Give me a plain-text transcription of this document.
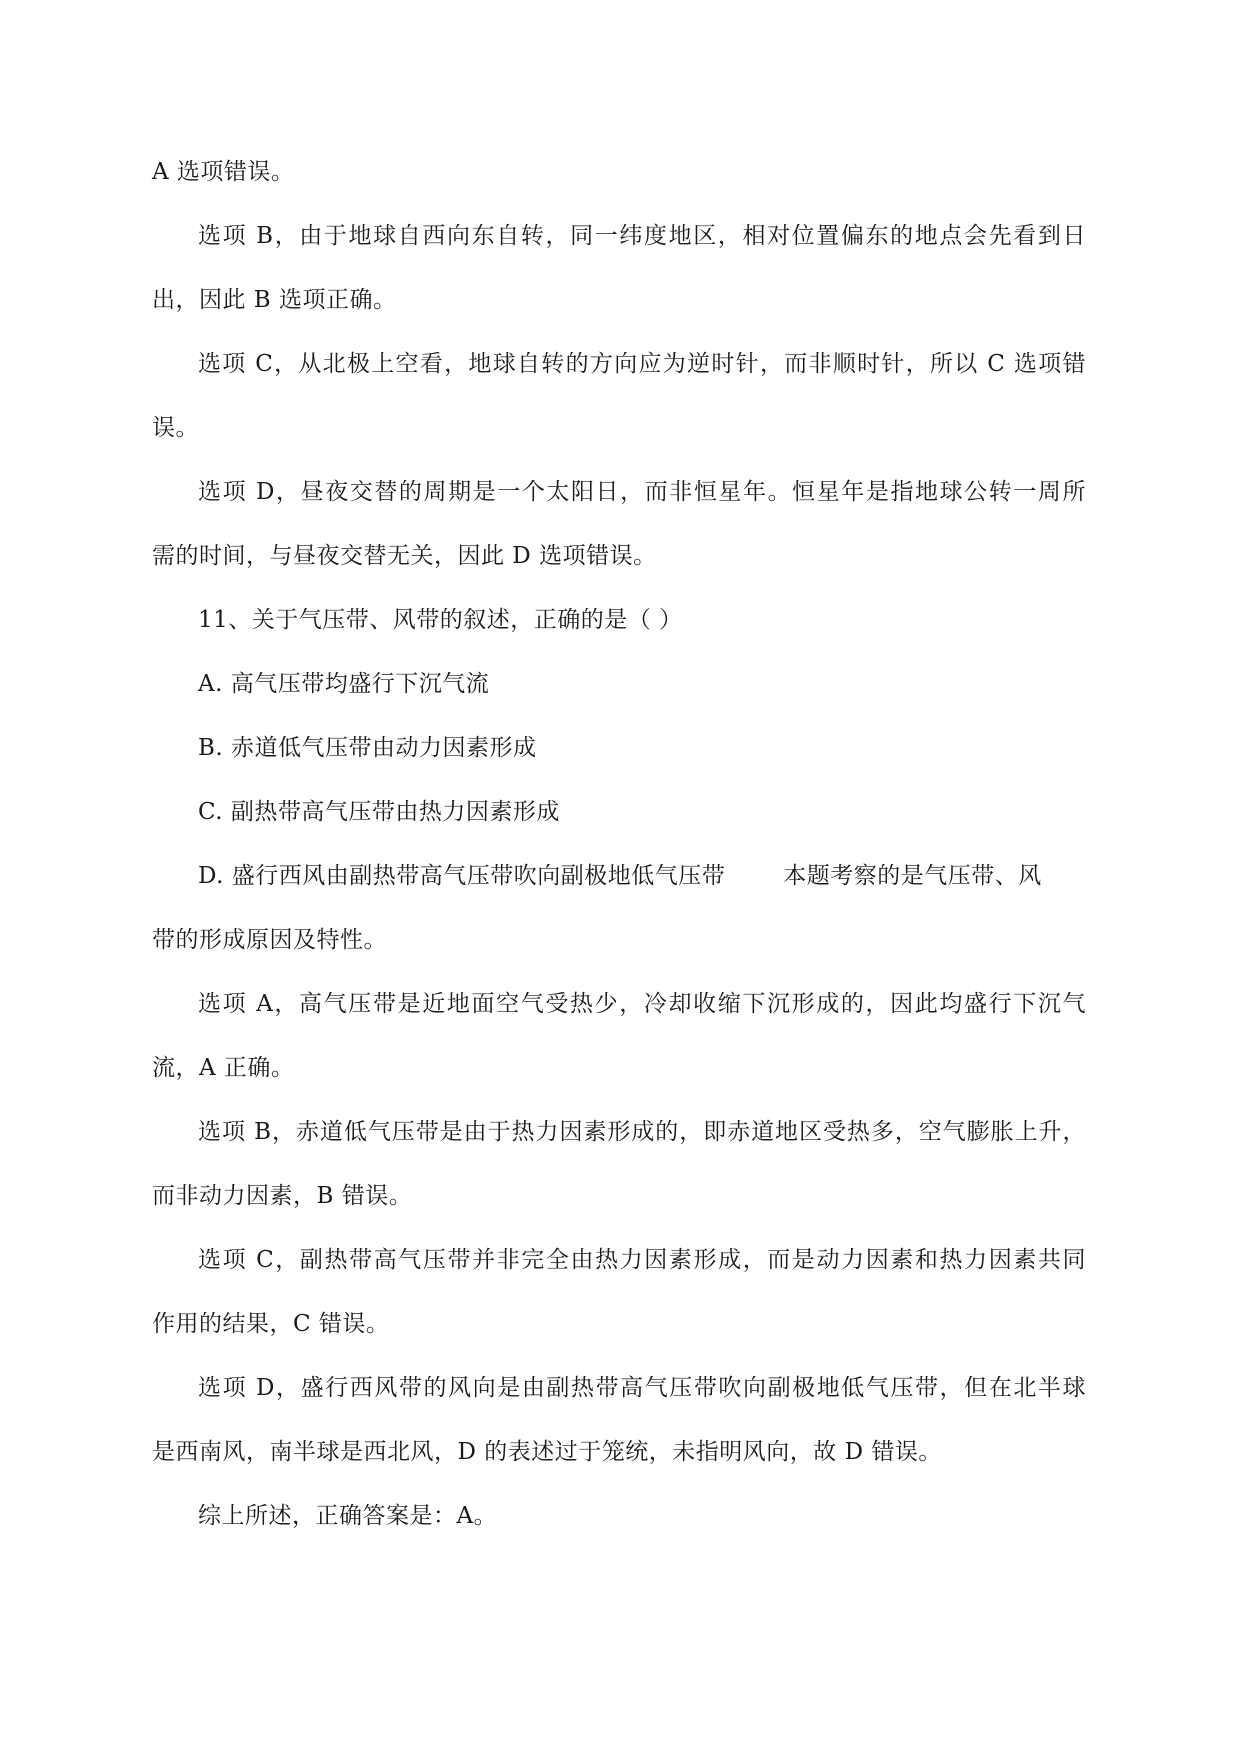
A 选项错误。
选项 B，由于地球自西向东自转，同一纬度地区，相对位置偏东的地点会先看到日
出，因此 B 选项正确。
选项 C，从北极上空看，地球自转的方向应为逆时针，而非顺时针，所以 C 选项错
误。
选项 D，昼夜交替的周期是一个太阳日，而非恒星年。恒星年是指地球公转一周所
需的时间，与昼夜交替无关，因此 D 选项错误。
11、关于气压带、风带的叙述，正确的是（ ）
A. 高气压带均盛行下沉气流
B. 赤道低气压带由动力因素形成
C. 副热带高气压带由热力因素形成
D. 盛行西风由副热带高气压带吹向副极地低气压带	本题考察的是气压带、风
带的形成原因及特性。
选项 A，高气压带是近地面空气受热少，冷却收缩下沉形成的，因此均盛行下沉气
流，A 正确。
选项 B，赤道低气压带是由于热力因素形成的，即赤道地区受热多，空气膨胀上升，
而非动力因素，B 错误。
选项 C，副热带高气压带并非完全由热力因素形成，而是动力因素和热力因素共同
作用的结果，C 错误。
选项 D，盛行西风带的风向是由副热带高气压带吹向副极地低气压带，但在北半球
是西南风，南半球是西北风，D 的表述过于笼统，未指明风向，故 D 错误。
综上所述，正确答案是：A。
